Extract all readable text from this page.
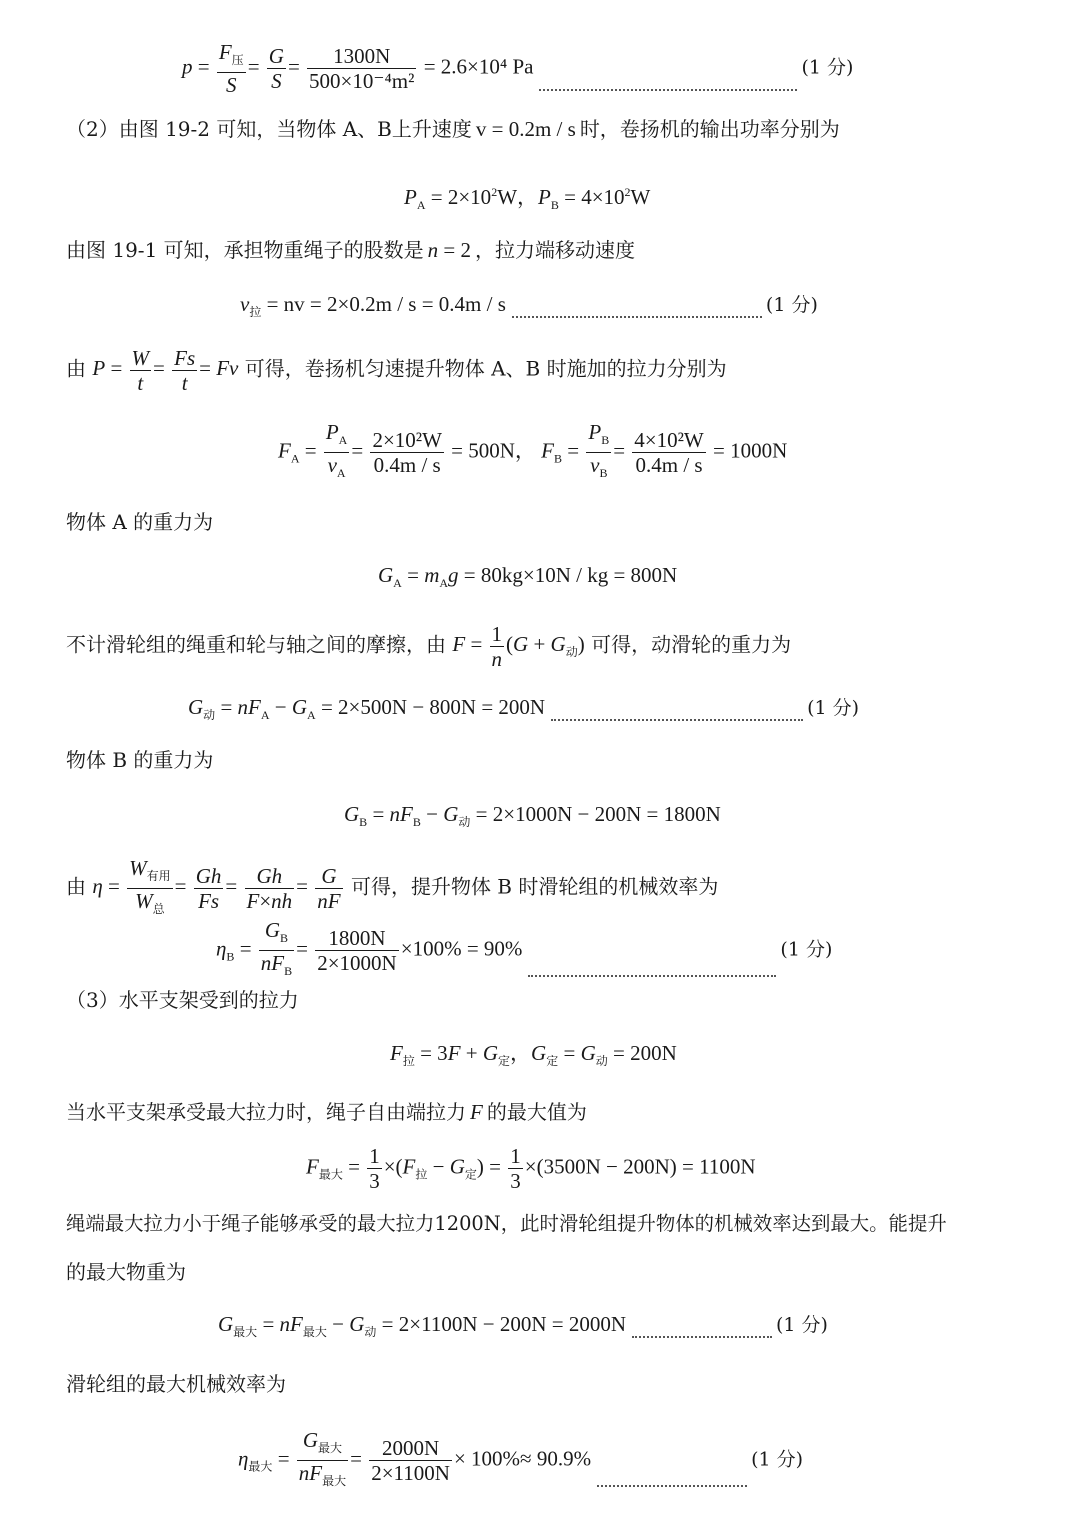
p =
$F_压$
S
= $\frac{G}{S} = \frac{1300N}{\text{500×10⁻⁴m²}} = 2.6\times 10^4$ Pa	(1 分)
（2）由图 19-2 可知，当物体 A、B上升速度 v = 0.2m / s 时，卷扬机的输出功率分别为
$P_A = 2\times 10^2W$，$P_B = 4\times 10^2W$
由图 19-1 可知，承担物重绳子的股数是 n = 2 ，拉力端移动速度
$v_拉$ = nv = 2×0.2m / s = 0.4m / s	(1 分)
由 $P = \frac{W}{t} = \frac{Fs}{t} = Fv$ 可得，卷扬机匀速提升物体 A、B 时施加的拉力分别为
$F_A = \frac{P_A}{v_A} = \frac{\text{2×10²W}}{0.4m / s} = 500N$， $F_B = \frac{P_B}{v_B} = \frac{\text{4×10²W}}{0.4m / s} = 1000N$
物体 A 的重力为
$G_A = m_Ag = 80kg\times 10N$ / kg = 800N
不计滑轮组的绳重和轮与轴之间的摩擦，由 $F = \frac{1}{n} (G + G_动)$ 可得，动滑轮的重力为
$G_动 = nF_A - G_A = 2\times 500N - 800N = 200N$	(1 分)
物体 B 的重力为
$G_B = nF_B - G_动 = 2\times 1000N - 200N = 1800N$
由 η =
$W_{有用}$
$W_总$
= $\frac{Gh}{Fs} = \frac{Gh}{F\times nh} = \frac{G}{nF}$ 可得，提升物体 B 时滑轮组的机械效率为
$\eta_B$ =
$G_B$
$nF_B$
= $\frac{1800N}{2\times 1000N} \times 100\% = 90\%$	(1 分)
（3）水平支架受到的拉力
$F_拉 = 3F + G_定$，$G_定 = G_动 = 200N$
当水平支架承受最大拉力时，绳子自由端拉力 F 的最大值为
$F_{最大} = \frac{1}{3} \times(F_拉 - G_定) = \frac{1}{3} \times(3500N - 200N) = 1100N$
绳端最大拉力小于绳子能够承受的最大拉力1200N，此时滑轮组提升物体的机械效率达到最大。能提升
的最大物重为
$G_{最大} = nF_{最大} - G_动 = 2\times 1100N - 200N = 2000N$	(1 分)
滑轮组的最大机械效率为
$\eta_{最大}$ =
$G_{最大}$
$nF_{最大}$
= $\frac{2000N}{2\times 1100N} \times 100\%\approx 90.9\%$	(1 分)
